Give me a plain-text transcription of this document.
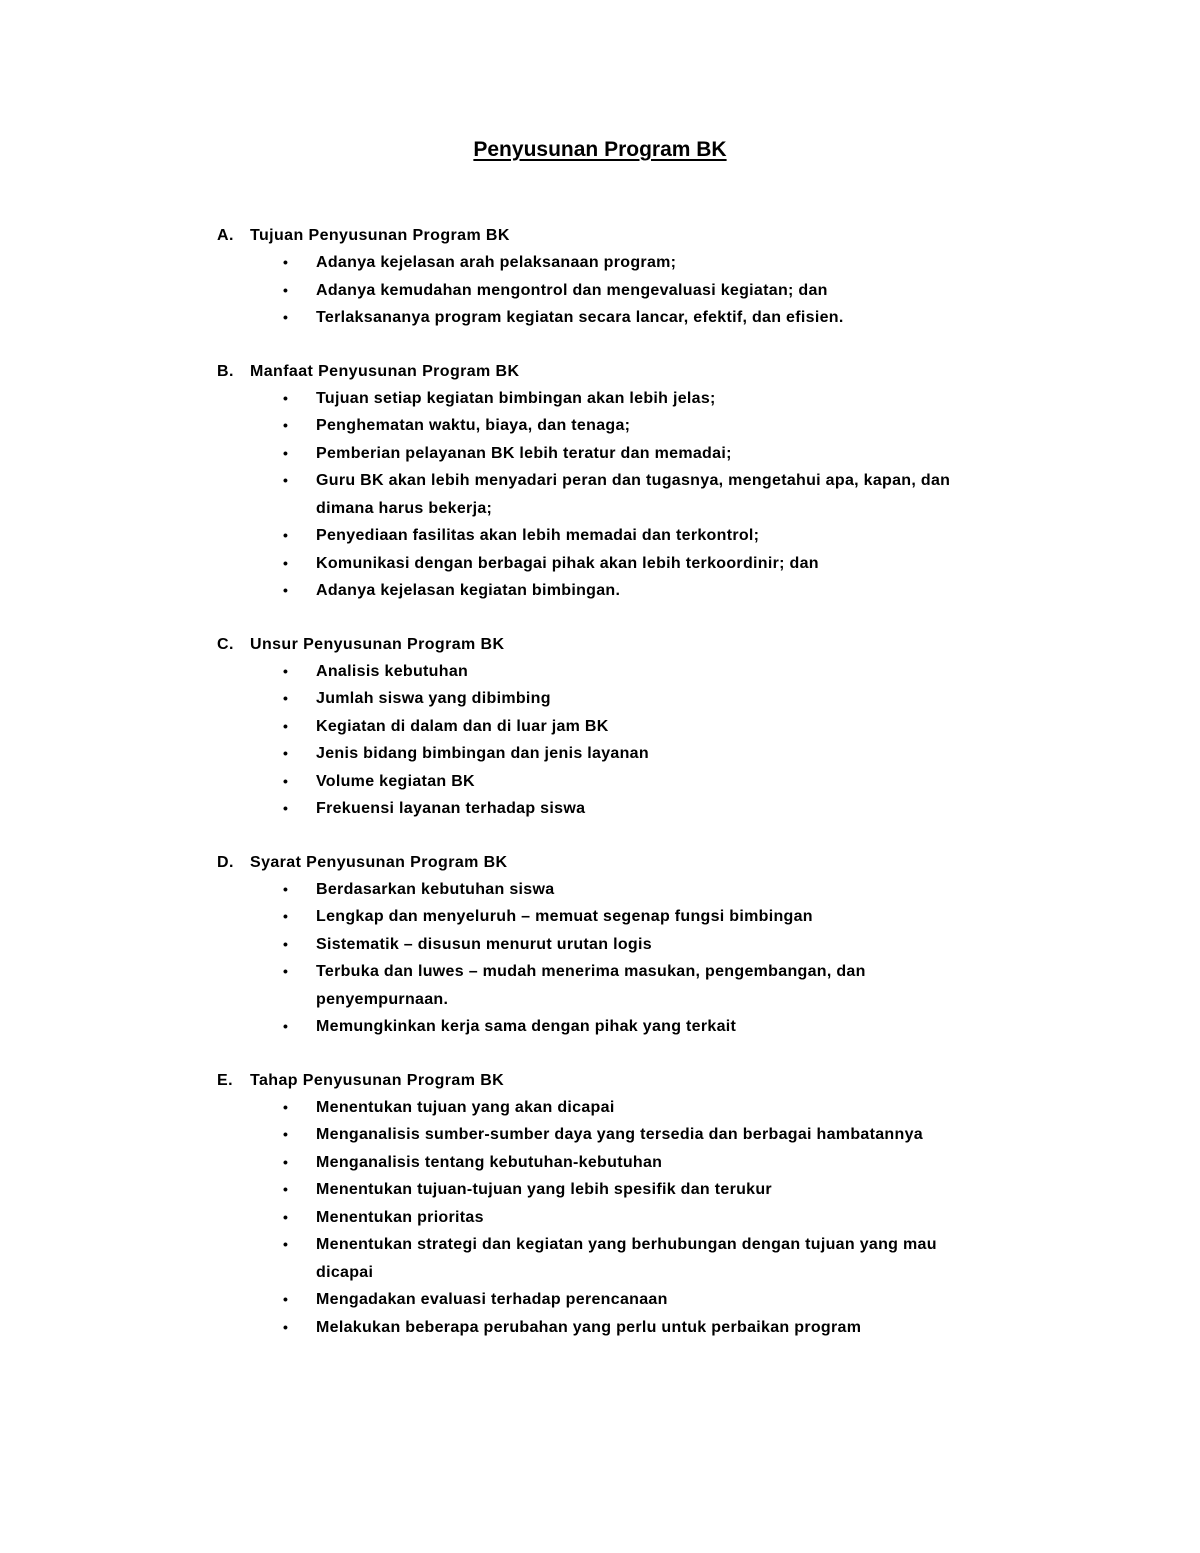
Penyusunan Program BK
A.	Tujuan Penyusunan Program BK
•	Adanya kejelasan arah pelaksanaan program;
•	Adanya kemudahan mengontrol dan mengevaluasi kegiatan; dan
•	Terlaksananya program kegiatan secara lancar, efektif, dan efisien.
B.	Manfaat Penyusunan Program BK
•	Tujuan setiap kegiatan bimbingan akan lebih jelas;
•	Penghematan waktu, biaya, dan tenaga;
•	Pemberian pelayanan BK lebih teratur dan memadai;
•	Guru BK akan lebih menyadari peran dan tugasnya, mengetahui apa, kapan, dan dimana harus bekerja;
•	Penyediaan fasilitas akan lebih memadai dan terkontrol;
•	Komunikasi dengan berbagai pihak akan lebih terkoordinir; dan
•	Adanya kejelasan kegiatan bimbingan.
C.	Unsur Penyusunan Program BK
•	Analisis kebutuhan
•	Jumlah siswa yang dibimbing
•	Kegiatan di dalam dan di luar jam BK
•	Jenis bidang bimbingan dan jenis layanan
•	Volume kegiatan BK
•	Frekuensi layanan terhadap siswa
D.	Syarat Penyusunan Program BK
•	Berdasarkan kebutuhan siswa
•	Lengkap dan menyeluruh – memuat segenap fungsi bimbingan
•	Sistematik – disusun menurut urutan logis
•	Terbuka dan luwes – mudah menerima masukan, pengembangan, dan penyempurnaan.
•	Memungkinkan kerja sama dengan pihak yang terkait
E.	Tahap Penyusunan Program BK
•	Menentukan tujuan yang akan dicapai
•	Menganalisis sumber-sumber daya yang tersedia dan berbagai hambatannya
•	Menganalisis tentang kebutuhan-kebutuhan
•	Menentukan tujuan-tujuan yang lebih spesifik dan terukur
•	Menentukan prioritas
•	Menentukan strategi dan kegiatan yang berhubungan dengan tujuan yang mau dicapai
•	Mengadakan evaluasi terhadap perencanaan
•	Melakukan beberapa perubahan yang perlu untuk perbaikan program
